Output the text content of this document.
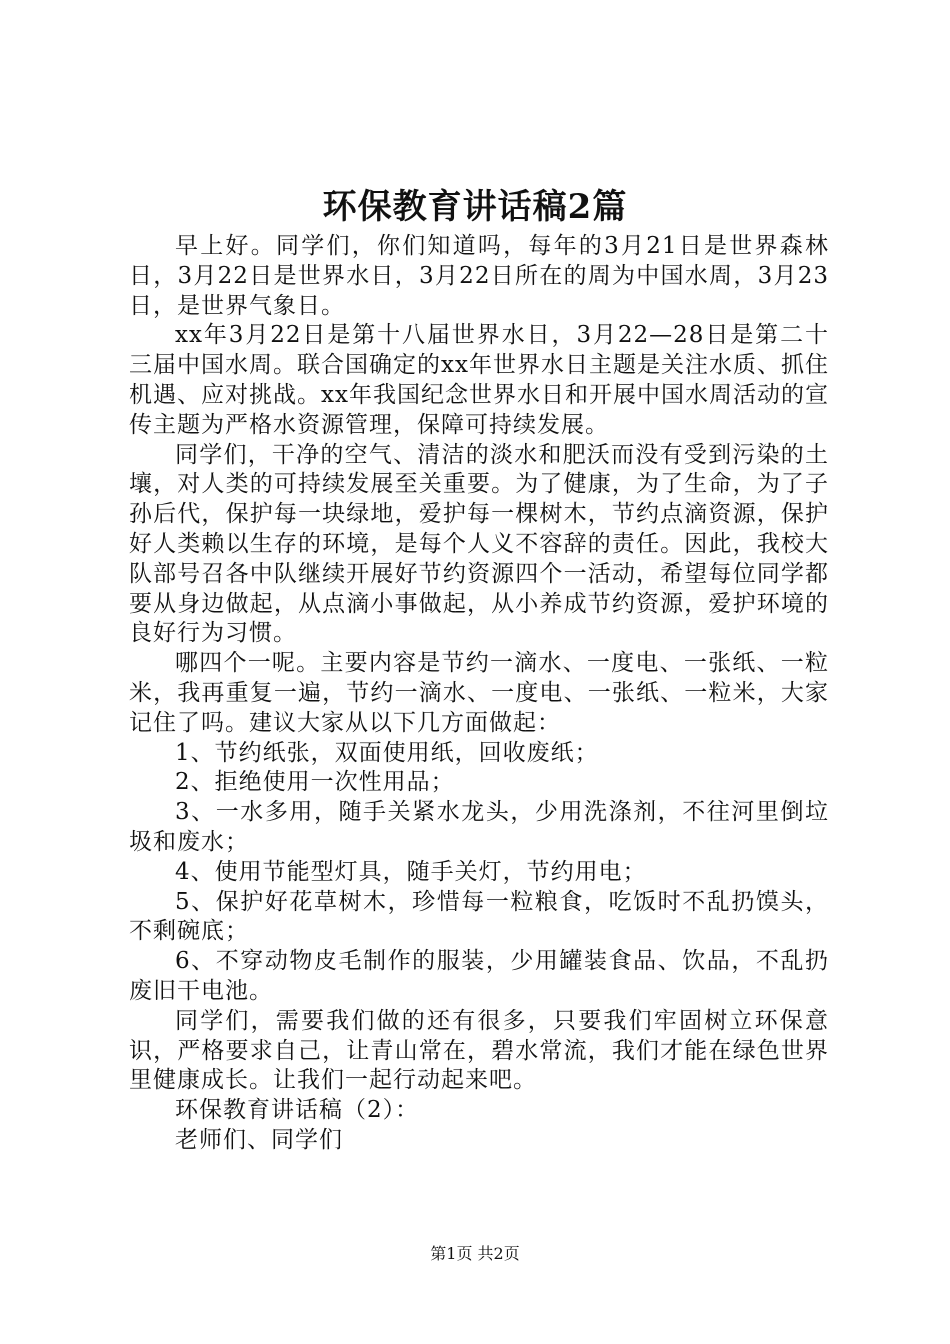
环保教育讲话稿2篇

早上好。同学们，你们知道吗，每年的3月21日是世界森林日，3月22日是世界水日，3月22日所在的周为中国水周，3月23日，是世界气象日。

xx年3月22日是第十八届世界水日，3月22—28日是第二十三届中国水周。联合国确定的xx年世界水日主题是关注水质、抓住机遇、应对挑战。xx年我国纪念世界水日和开展中国水周活动的宣传主题为严格水资源管理，保障可持续发展。

同学们，干净的空气、清洁的淡水和肥沃而没有受到污染的土壤，对人类的可持续发展至关重要。为了健康，为了生命，为了子孙后代，保护每一块绿地，爱护每一棵树木，节约点滴资源，保护好人类赖以生存的环境，是每个人义不容辞的责任。因此，我校大队部号召各中队继续开展好节约资源四个一活动，希望每位同学都要从身边做起，从点滴小事做起，从小养成节约资源，爱护环境的良好行为习惯。

哪四个一呢。主要内容是节约一滴水、一度电、一张纸、一粒米，我再重复一遍，节约一滴水、一度电、一张纸、一粒米，大家记住了吗。建议大家从以下几方面做起：

1、节约纸张，双面使用纸，回收废纸；

2、拒绝使用一次性用品；

3、一水多用，随手关紧水龙头，少用洗涤剂，不往河里倒垃圾和废水；

4、使用节能型灯具，随手关灯，节约用电；

5、保护好花草树木，珍惜每一粒粮食，吃饭时不乱扔馍头，不剩碗底；

6、不穿动物皮毛制作的服装，少用罐装食品、饮品，不乱扔废旧干电池。

同学们，需要我们做的还有很多，只要我们牢固树立环保意识，严格要求自己，让青山常在，碧水常流，我们才能在绿色世界里健康成长。让我们一起行动起来吧。

环保教育讲话稿（2）：

老师们、同学们

第1页 共2页
